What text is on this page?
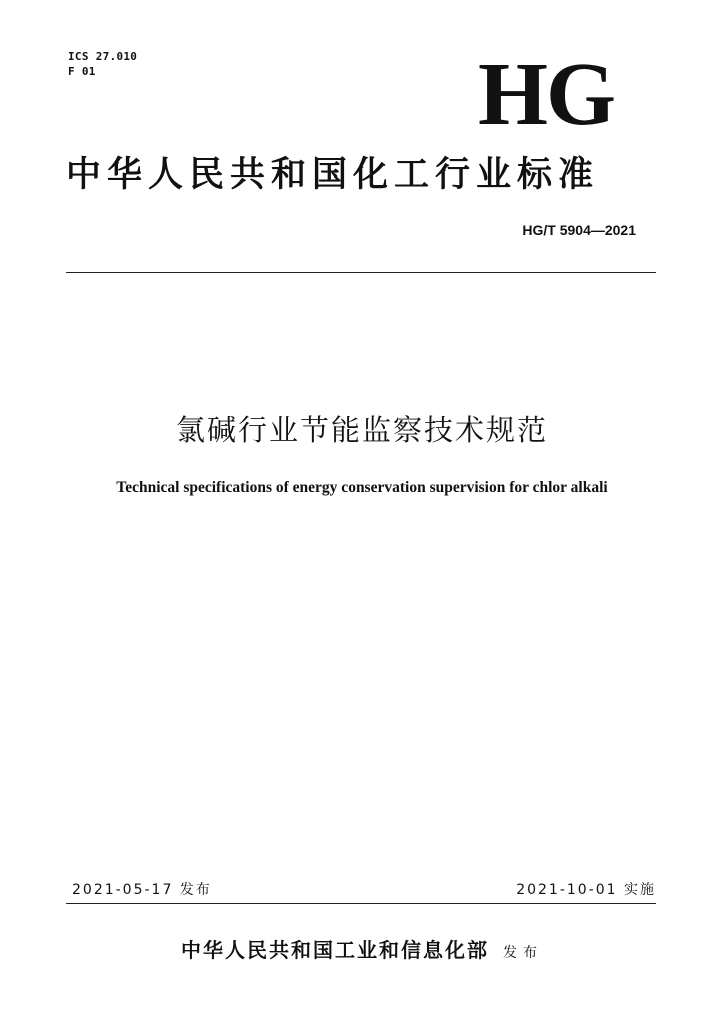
ICS 27.010
F 01	HG
中华人民共和国化工行业标准
HG/T 5904—2021
氯碱行业节能监察技术规范
Technical specifications of energy conservation supervision for chlor alkali
2021-05-17 发布	2021-10-01 实施
中华人民共和国工业和信息化部 发布
